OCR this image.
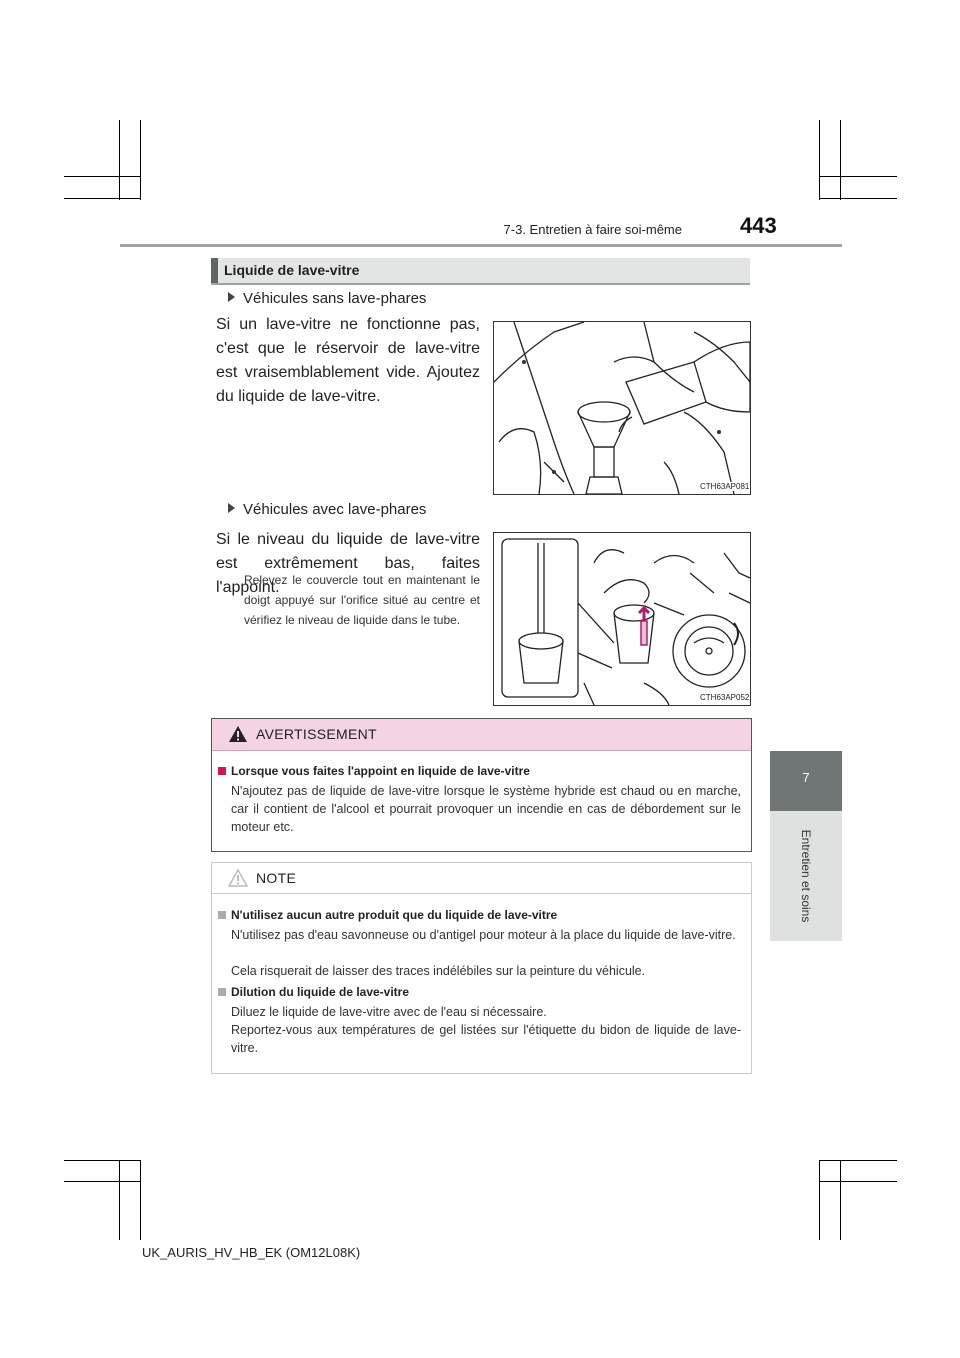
7-3. Entretien à faire soi-même	443
7
Entretien et soins
Liquide de lave-vitre
Véhicules sans lave-phares
Si un lave-vitre ne fonctionne pas, c'est que le réservoir de lave-vitre est vraisemblablement vide. Ajoutez du liquide de lave-vitre.
CTH63AP081
Véhicules avec lave-phares
Si le niveau du liquide de lave-vitre est extrêmement bas, faites l'appoint.
Relevez le couvercle tout en maintenant le doigt appuyé sur l'orifice situé au centre et vérifiez le niveau de liquide dans le tube.
CTH63AP052
AVERTISSEMENT
Lorsque vous faites l'appoint en liquide de lave-vitre
N'ajoutez pas de liquide de lave-vitre lorsque le système hybride est chaud ou en marche, car il contient de l'alcool et pourrait provoquer un incendie en cas de débordement sur le moteur etc.
NOTE
N'utilisez aucun autre produit que du liquide de lave-vitre
N'utilisez pas d'eau savonneuse ou d'antigel pour moteur à la place du liquide de lave-vitre.
Cela risquerait de laisser des traces indélébiles sur la peinture du véhicule.
Dilution du liquide de lave-vitre
Diluez le liquide de lave-vitre avec de l'eau si nécessaire.
Reportez-vous aux températures de gel listées sur l'étiquette du bidon de liquide de lave-vitre.
UK_AURIS_HV_HB_EK (OM12L08K)
